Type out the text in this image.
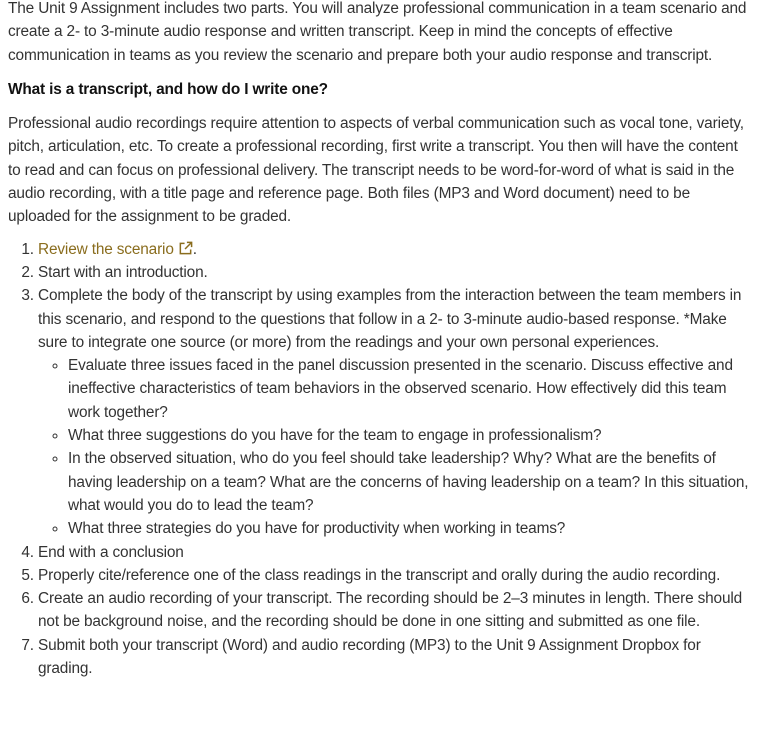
The Unit 9 Assignment includes two parts. You will analyze professional communication in a team scenario and create a 2- to 3-minute audio response and written transcript. Keep in mind the concepts of effective communication in teams as you review the scenario and prepare both your audio response and transcript.

What is a transcript, and how do I write one?

Professional audio recordings require attention to aspects of verbal communication such as vocal tone, variety, pitch, articulation, etc. To create a professional recording, first write a transcript. You then will have the content to read and can focus on professional delivery. The transcript needs to be word-for-word of what is said in the audio recording, with a title page and reference page. Both files (MP3 and Word document) need to be uploaded for the assignment to be graded.

1. Review the scenario .
2. Start with an introduction.
3. Complete the body of the transcript by using examples from the interaction between the team members in this scenario, and respond to the questions that follow in a 2- to 3-minute audio-based response. *Make sure to integrate one source (or more) from the readings and your own personal experiences.
◦ Evaluate three issues faced in the panel discussion presented in the scenario. Discuss effective and ineffective characteristics of team behaviors in the observed scenario. How effectively did this team work together?
◦ What three suggestions do you have for the team to engage in professionalism?
◦ In the observed situation, who do you feel should take leadership? Why? What are the benefits of having leadership on a team? What are the concerns of having leadership on a team? In this situation, what would you do to lead the team?
◦ What three strategies do you have for productivity when working in teams?
4. End with a conclusion
5. Properly cite/reference one of the class readings in the transcript and orally during the audio recording.
6. Create an audio recording of your transcript. The recording should be 2–3 minutes in length. There should not be background noise, and the recording should be done in one sitting and submitted as one file.
7. Submit both your transcript (Word) and audio recording (MP3) to the Unit 9 Assignment Dropbox for grading.
